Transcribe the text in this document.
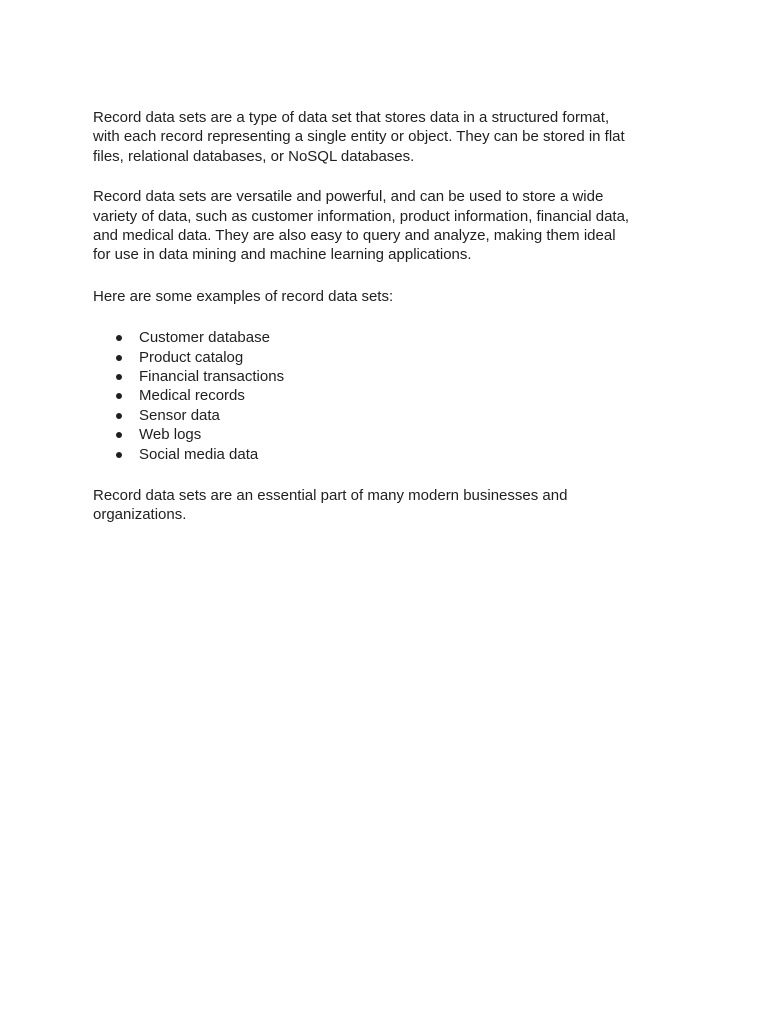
Record data sets are a type of data set that stores data in a structured format, with each record representing a single entity or object. They can be stored in flat files, relational databases, or NoSQL databases.

Record data sets are versatile and powerful, and can be used to store a wide variety of data, such as customer information, product information, financial data, and medical data. They are also easy to query and analyze, making them ideal for use in data mining and machine learning applications.

Here are some examples of record data sets:

Customer database
Product catalog
Financial transactions
Medical records
Sensor data
Web logs
Social media data

Record data sets are an essential part of many modern businesses and organizations.
